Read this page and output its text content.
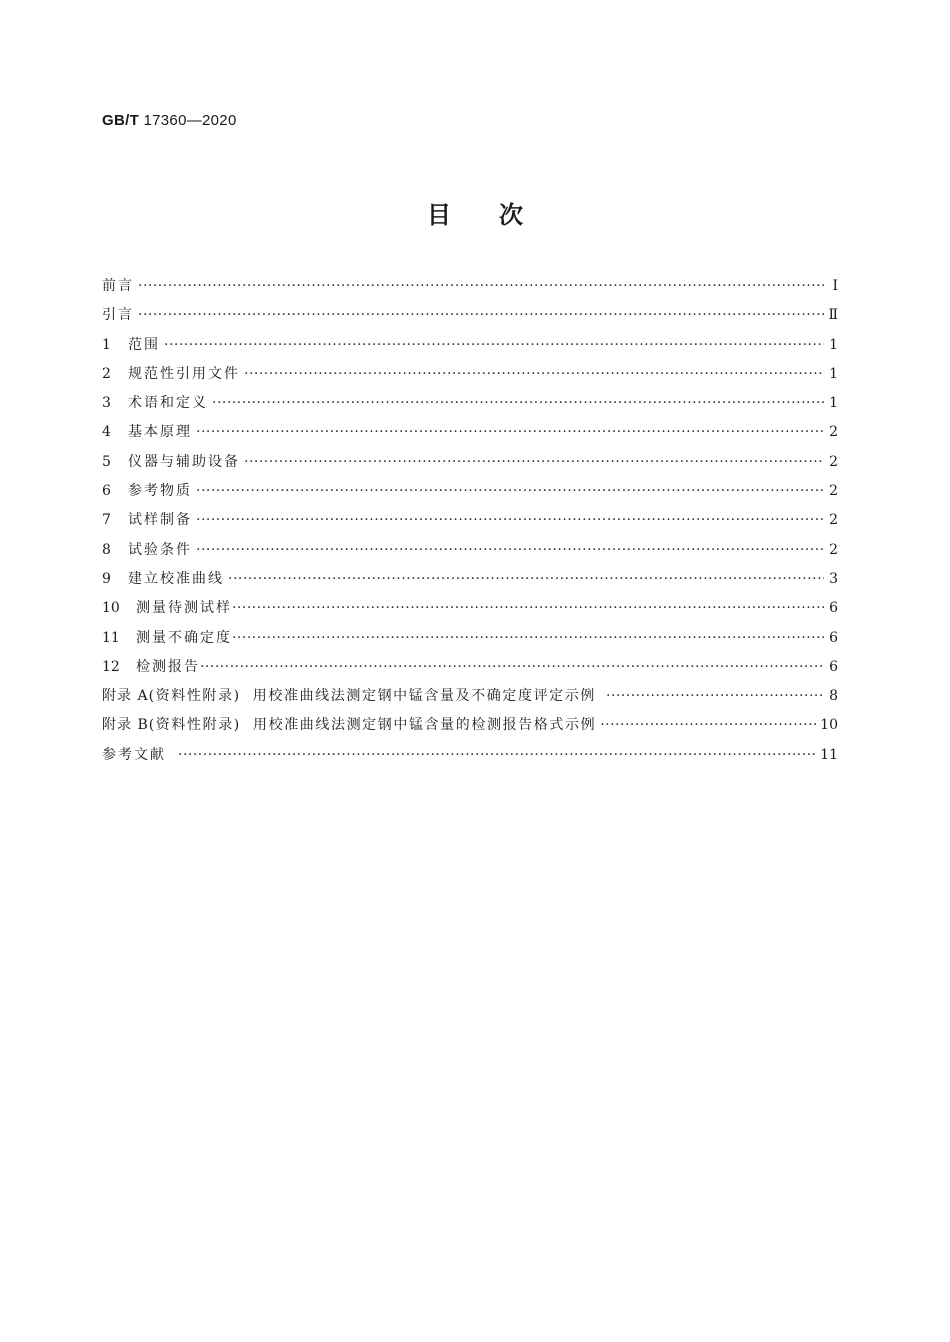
GB/T 17360—2020
目次
前言 ·····	Ⅰ
引言 ·····	Ⅱ
1	范围 ·····	1
2	规范性引用文件 ·····	1
3	术语和定义 ·····	1
4	基本原理 ·····	2
5	仪器与辅助设备 ·····	2
6	参考物质 ·····	2
7	试样制备 ·····	2
8	试验条件 ·····	2
9	建立校准曲线 ·····	3
10	测量待测试样 ·····	6
11	测量不确定度 ·····	6
12	检测报告 ·····	6
附录 A (资料性附录)  用校准曲线法测定钢中锰含量及不确定度评定示例 ·····	8
附录 B (资料性附录)  用校准曲线法测定钢中锰含量的检测报告格式示例 ·····	10
参考文献 ·····	11
